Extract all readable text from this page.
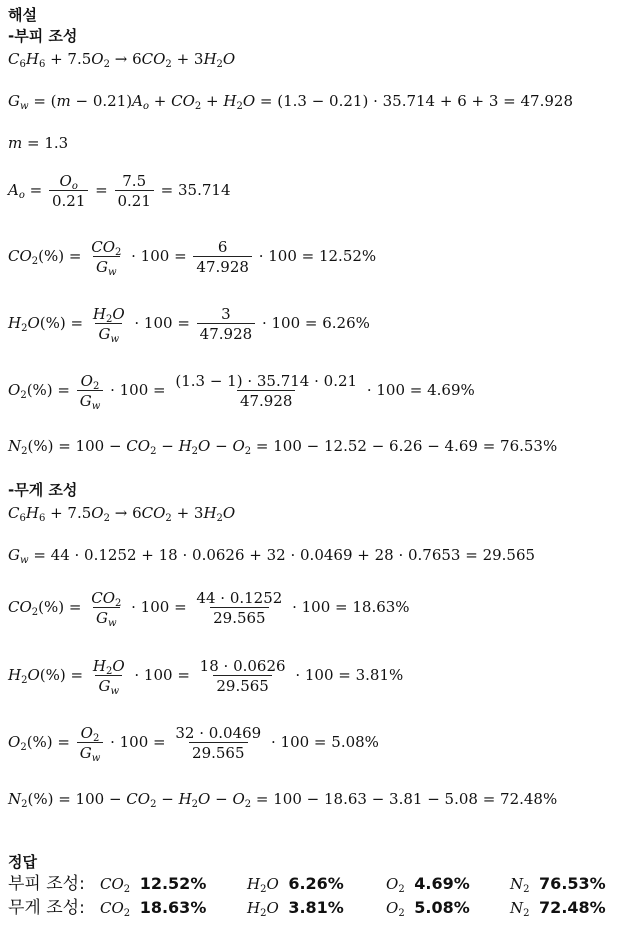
해설
-부피 조성
$C_6H_6 + 7.5O_2 \to 6CO_2 + 3H_2O$
$G_w = (m - 0.21)A_o + CO_2 + H_2O = (1.3 - 0.21) \cdot 35.714 + 6 + 3 = 47.928$
m = 1.3
$A_o = \frac{O_o}{0.21} = \frac{7.5}{0.21} = 35.714$
$CO_2(\%) = \frac{CO_2}{G_w} \cdot 100 = \frac{6}{47.928} \cdot 100 = 12.52\%$
$H_2O(\%) = \frac{H_2O}{G_w} \cdot 100 = \frac{3}{47.928} \cdot 100 = 6.26\%$
$O_2(\%) = \frac{O_2}{G_w} \cdot 100 = \frac{(1.3 - 1) \cdot 35.714 \cdot 0.21}{47.928} \cdot 100 = 4.69\%$
$N_2(\%) = 100 - CO_2 - H_2O - O_2 = 100 - 12.52 - 6.26 - 4.69 = 76.53\%$
-무게 조성
$C_6H_6 + 7.5O_2 \to 6CO_2 + 3H_2O$
$G_w = 44 \cdot 0.1252 + 18 \cdot 0.0626 + 32 \cdot 0.0469 + 28 \cdot 0.7653 = 29.565$
$CO_2(\%) = \frac{CO_2}{G_w} \cdot 100 = \frac{44 \cdot 0.1252}{29.565} \cdot 100 = 18.63\%$
$H_2O(\%) = \frac{H_2O}{G_w} \cdot 100 = \frac{18 \cdot 0.0626}{29.565} \cdot 100 = 3.81\%$
$O_2(\%) = \frac{O_2}{G_w} \cdot 100 = \frac{32 \cdot 0.0469}{29.565} \cdot 100 = 5.08\%$
$N_2(\%) = 100 - CO_2 - H_2O - O_2 = 100 - 18.63 - 3.81 - 5.08 = 72.48\%$
정답
부피 조성: $CO_2$ 12.52%	$H_2O$ 6.26%	$O_2$ 4.69%	$N_2$ 76.53%
무게 조성: $CO_2$ 18.63%	$H_2O$ 3.81%	$O_2$ 5.08%	$N_2$ 72.48%
